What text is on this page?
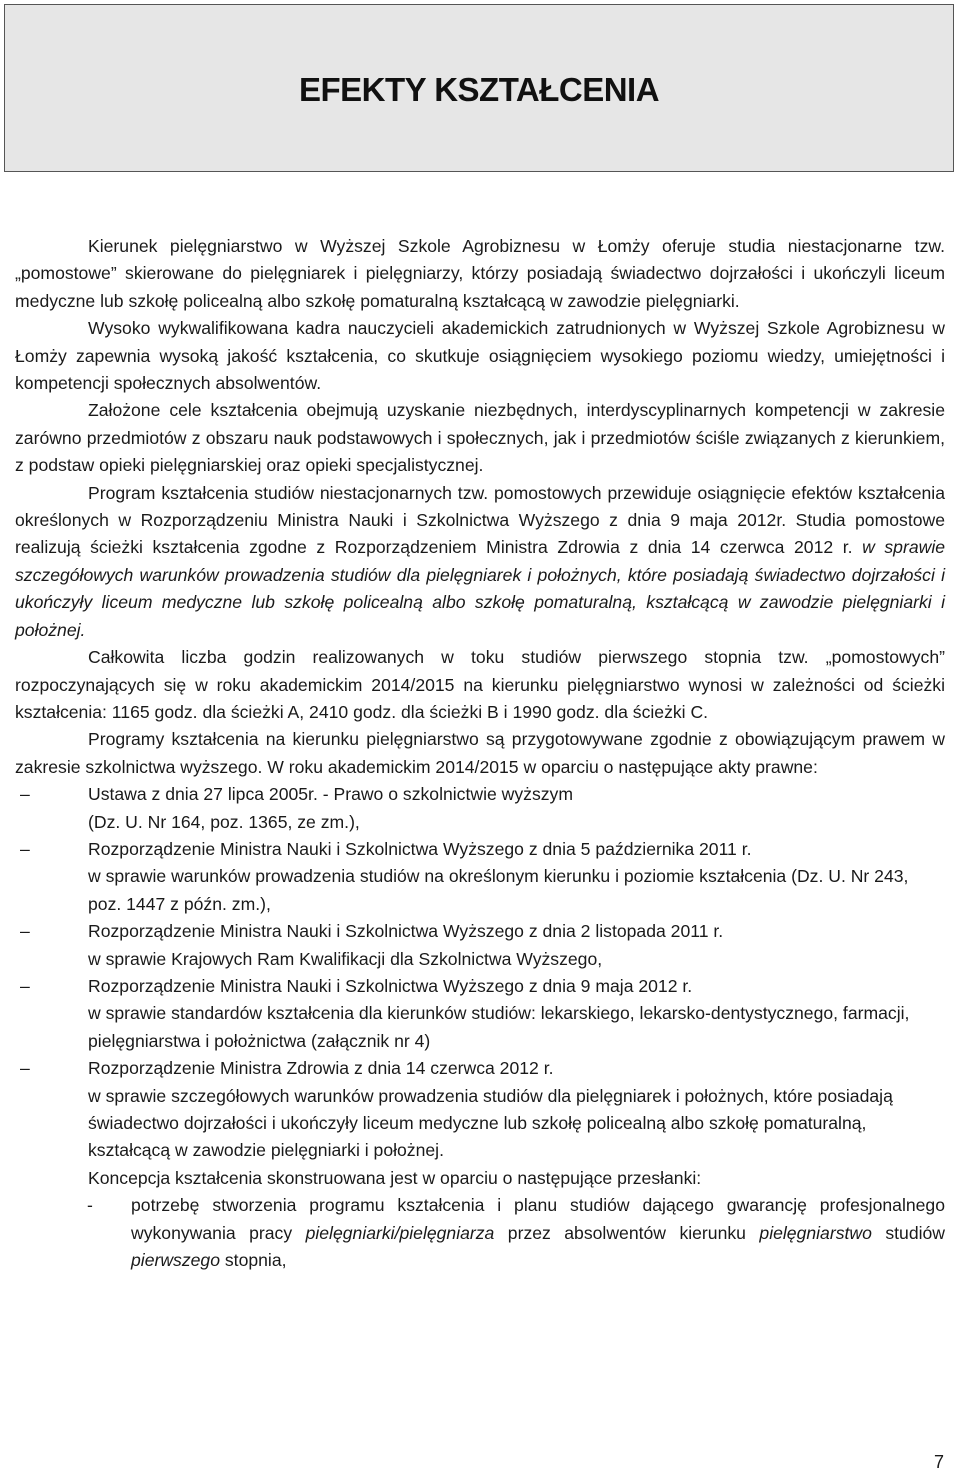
EFEKTY KSZTAŁCENIA

Kierunek pielęgniarstwo w Wyższej Szkole Agrobiznesu w Łomży oferuje studia niestacjonarne tzw. „pomostowe” skierowane do pielęgniarek i pielęgniarzy, którzy posiadają świadectwo dojrzałości i ukończyli liceum medyczne lub szkołę policealną albo szkołę pomaturalną kształcącą w zawodzie pielęgniarki.

Wysoko wykwalifikowana kadra nauczycieli akademickich zatrudnionych w Wyższej Szkole Agrobiznesu w Łomży zapewnia wysoką jakość kształcenia, co skutkuje osiągnięciem wysokiego poziomu wiedzy, umiejętności i kompetencji społecznych absolwentów.

Założone cele kształcenia obejmują uzyskanie niezbędnych, interdyscyplinarnych kompetencji w zakresie zarówno przedmiotów z obszaru nauk podstawowych i społecznych, jak i przedmiotów ściśle związanych z kierunkiem, z podstaw opieki pielęgniarskiej oraz opieki specjalistycznej.

Program kształcenia studiów niestacjonarnych tzw. pomostowych przewiduje osiągnięcie efektów kształcenia określonych w Rozporządzeniu Ministra Nauki i Szkolnictwa Wyższego z dnia 9 maja 2012r. Studia pomostowe realizują ścieżki kształcenia zgodne z Rozporządzeniem Ministra Zdrowia z dnia 14 czerwca 2012 r. w sprawie szczegółowych warunków prowadzenia studiów dla pielęgniarek i położnych, które posiadają świadectwo dojrzałości i ukończyły liceum medyczne lub szkołę policealną albo szkołę pomaturalną, kształcącą w zawodzie pielęgniarki i położnej.

Całkowita liczba godzin realizowanych w toku studiów pierwszego stopnia tzw. „pomostowych” rozpoczynających się w roku akademickim 2014/2015 na kierunku pielęgniarstwo wynosi w zależności od ścieżki kształcenia: 1165 godz. dla ścieżki A, 2410 godz. dla ścieżki B i 1990 godz. dla ścieżki C.

Programy kształcenia na kierunku pielęgniarstwo są przygotowywane zgodnie z obowiązującym prawem w zakresie szkolnictwa wyższego. W roku akademickim 2014/2015 w oparciu o następujące akty prawne:

‒	Ustawa z dnia 27 lipca 2005r. - Prawo o szkolnictwie wyższym
(Dz. U. Nr 164, poz. 1365, ze zm.),
‒	Rozporządzenie Ministra Nauki i Szkolnictwa Wyższego z dnia 5 października 2011 r.
w sprawie warunków prowadzenia studiów na określonym kierunku i poziomie kształcenia (Dz. U. Nr 243, poz. 1447 z późn. zm.),
‒	Rozporządzenie Ministra Nauki i Szkolnictwa Wyższego z dnia 2 listopada 2011 r.
w sprawie Krajowych Ram Kwalifikacji dla Szkolnictwa Wyższego,
‒	Rozporządzenie Ministra Nauki i Szkolnictwa Wyższego z dnia 9 maja 2012 r.
w sprawie standardów kształcenia dla kierunków studiów: lekarskiego, lekarsko-dentystycznego, farmacji, pielęgniarstwa i położnictwa (załącznik nr 4)
‒	Rozporządzenie Ministra Zdrowia z dnia 14 czerwca 2012 r.
w sprawie szczegółowych warunków prowadzenia studiów dla pielęgniarek i położnych, które posiadają świadectwo dojrzałości i ukończyły liceum medyczne lub szkołę policealną albo szkołę pomaturalną, kształcącą w zawodzie pielęgniarki i położnej.

Koncepcja kształcenia skonstruowana jest w oparciu o następujące przesłanki:

- potrzebę stworzenia programu kształcenia i planu studiów dającego gwarancję profesjonalnego wykonywania pracy pielęgniarki/pielęgniarza przez absolwentów kierunku pielęgniarstwo studiów pierwszego stopnia,
7
